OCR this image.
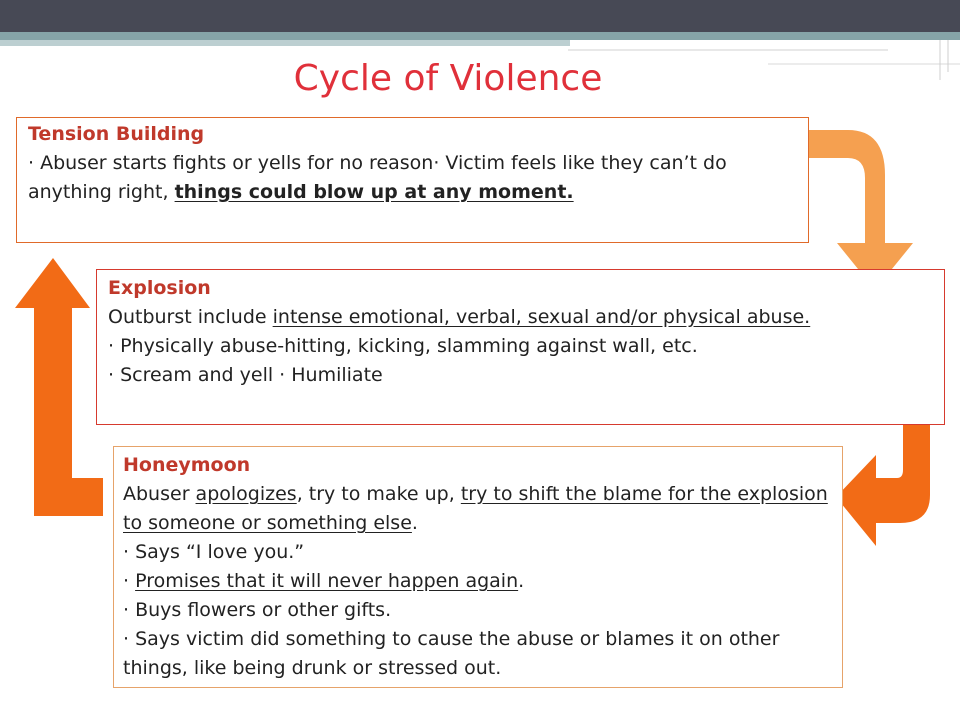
Cycle of Violence
Tension Building
· Abuser starts fights or yells for no reason· Victim feels like they can’t do anything right, things could blow up at any moment.
Explosion
Outburst include intense emotional, verbal, sexual and/or physical abuse.
· Physically abuse-hitting, kicking, slamming against wall, etc.
· Scream and yell · Humiliate
Honeymoon
Abuser apologizes, try to make up, try to shift the blame for the explosion to someone or something else.
· Says “I love you.”
· Promises that it will never happen again.
· Buys flowers or other gifts.
· Says victim did something to cause the abuse or blames it on other things, like being drunk or stressed out.
